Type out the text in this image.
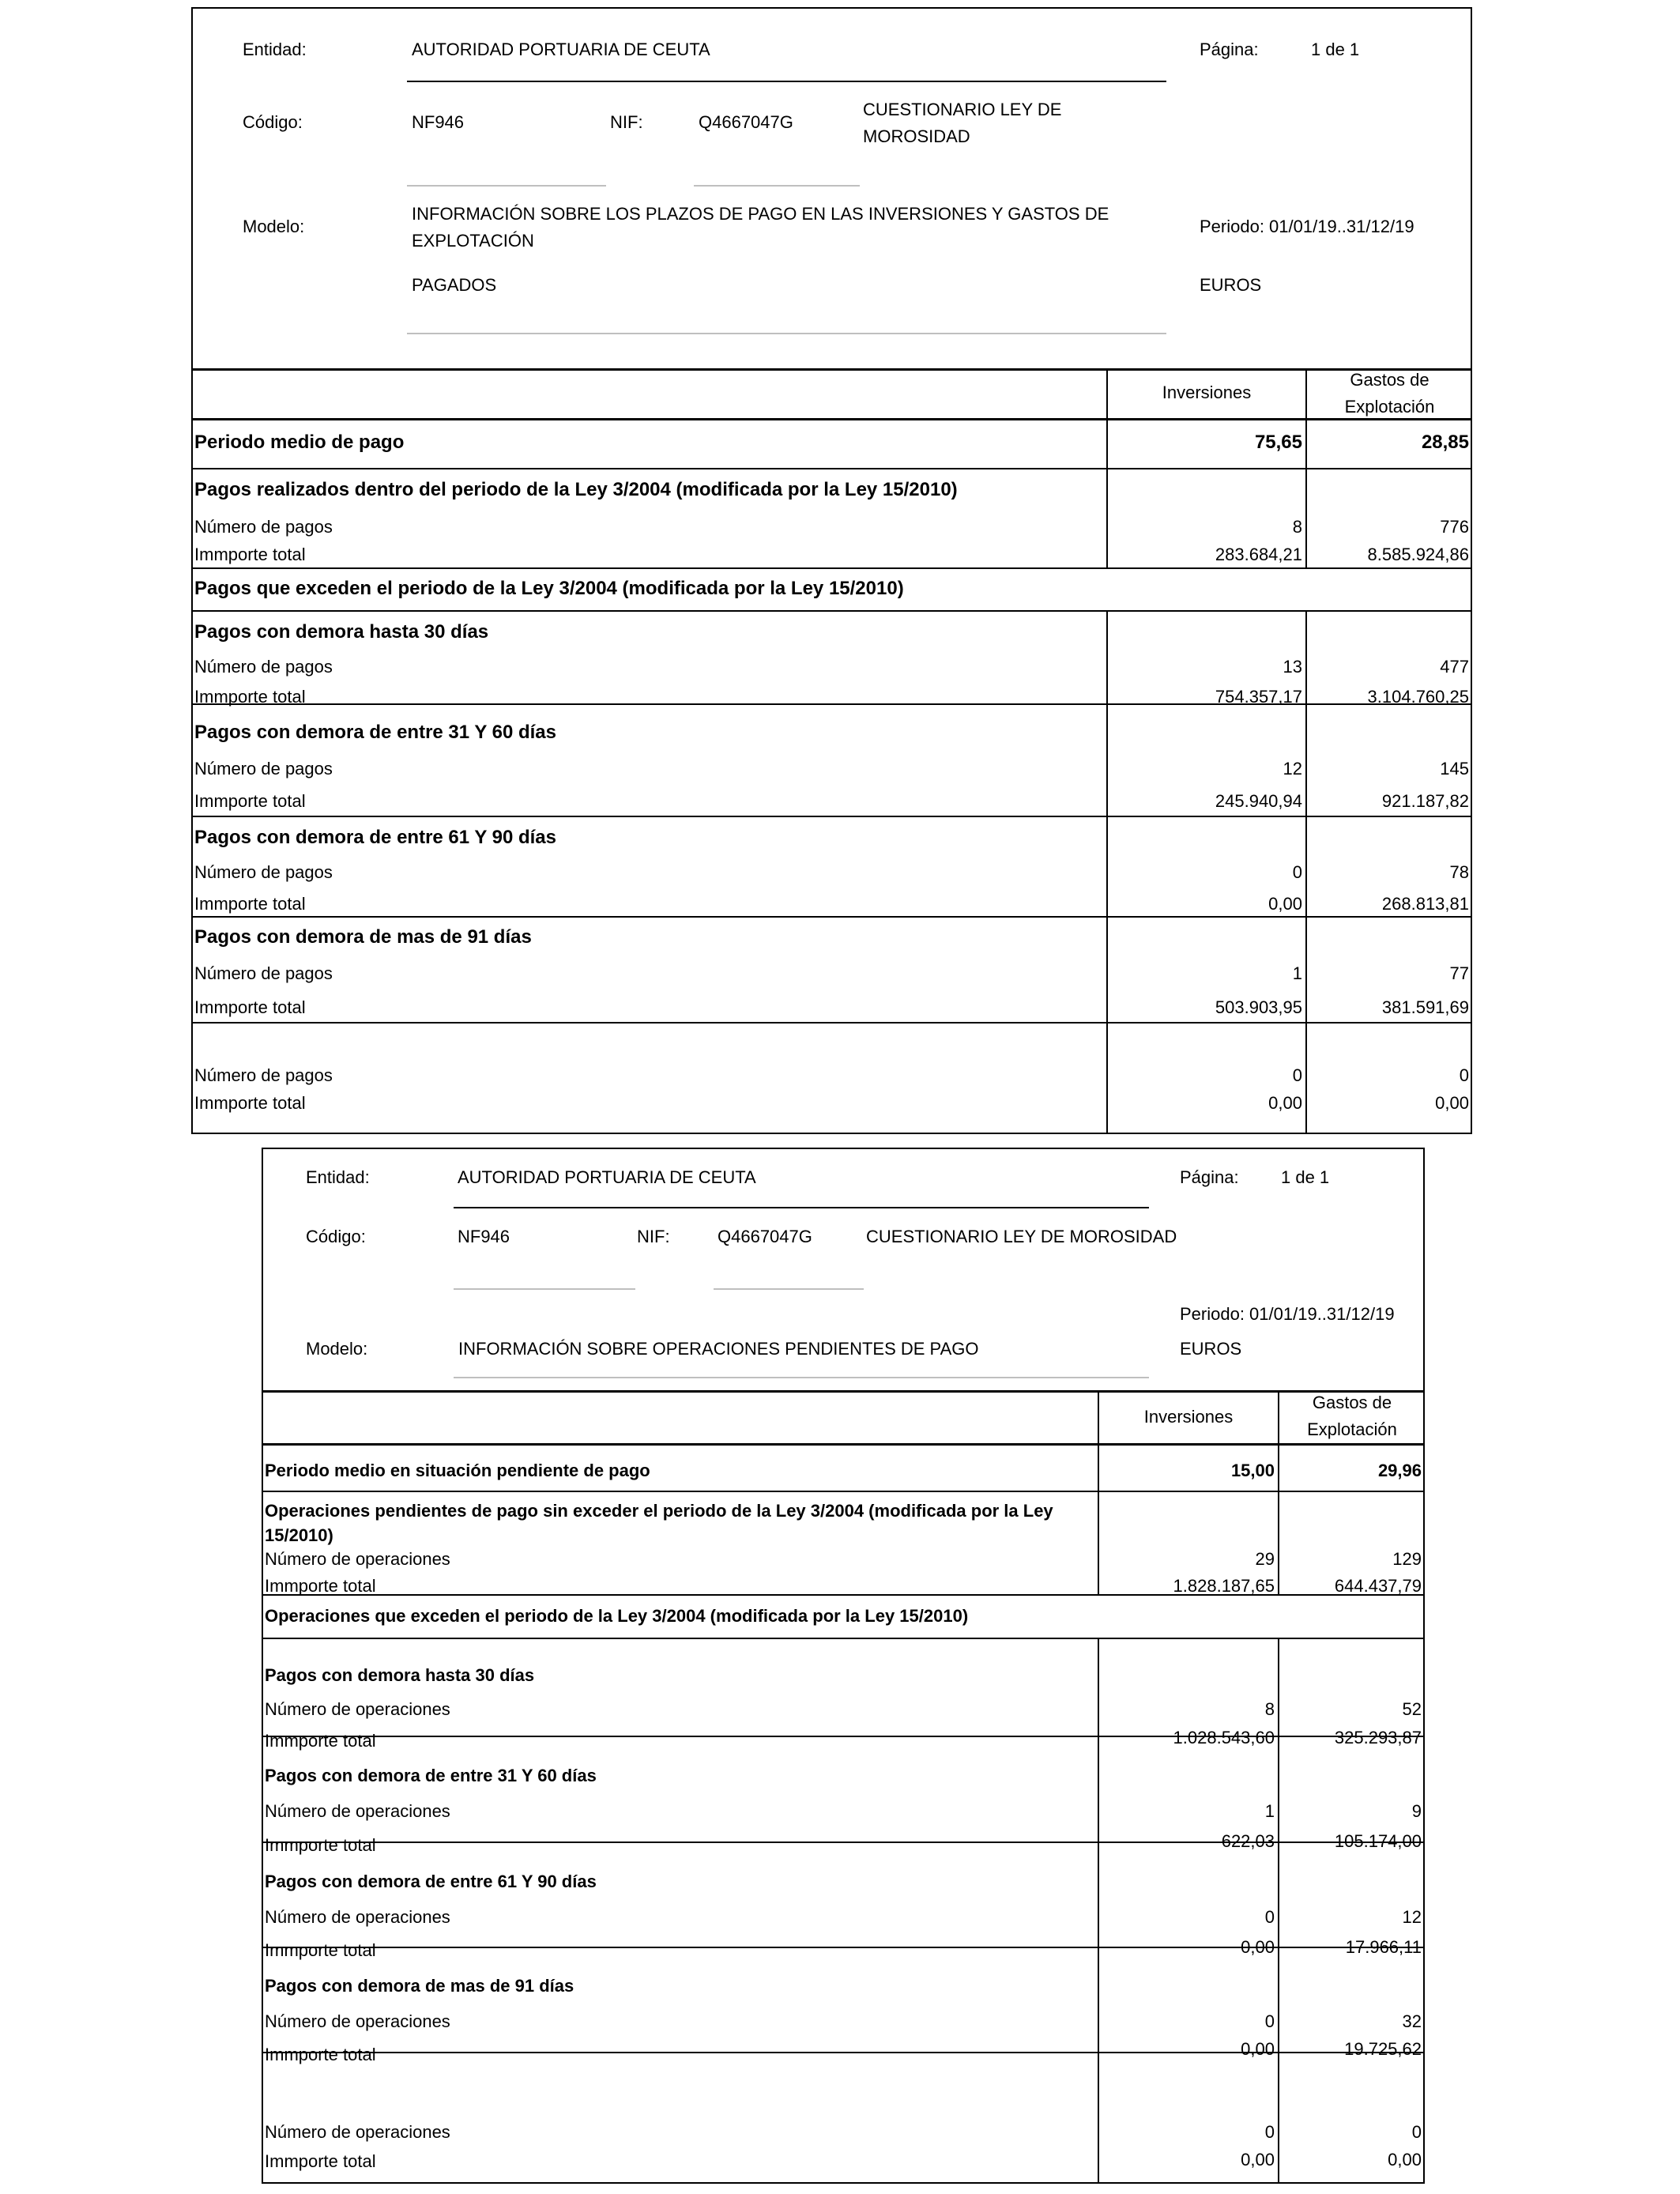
Entidad:	AUTORIDAD PORTUARIA DE CEUTA	Página:	1 de 1
Código:	NF946	NIF:	Q4667047G
CUESTIONARIO LEY DE MOROSIDAD
Modelo:
INFORMACIÓN SOBRE LOS PLAZOS DE PAGO EN LAS INVERSIONES Y GASTOS DE EXPLOTACIÓN
Periodo: 01/01/19..31/12/19
PAGADOS	EUROS
Inversiones
Gastos de Explotación
Periodo medio de pago	75,65	28,85
Pagos realizados dentro del periodo de la Ley 3/2004 (modificada por la Ley 15/2010)
Número de pagos	8	776
Immporte total	283.684,21	8.585.924,86
Pagos que exceden el periodo de la Ley 3/2004 (modificada por la Ley 15/2010)
Pagos con demora hasta 30 días
Número de pagos	13	477
Immporte total	754.357,17	3.104.760,25
Pagos con demora de entre 31 Y 60 días
Número de pagos	12	145
Immporte total	245.940,94	921.187,82
Pagos con demora de entre 61 Y 90 días
Número de pagos	0	78
Immporte total	0,00	268.813,81
Pagos con demora de mas de 91 días
Número de pagos	1	77
Immporte total	503.903,95	381.591,69
Número de pagos	0	0
Immporte total	0,00	0,00
Entidad:	AUTORIDAD PORTUARIA DE CEUTA	Página: 1 de 1
Código:	NF946	NIF:	Q4667047G	CUESTIONARIO LEY DE MOROSIDAD
Periodo: 01/01/19..31/12/19
Modelo:	INFORMACIÓN SOBRE OPERACIONES PENDIENTES DE PAGO	EUROS
Inversiones
Gastos de Explotación
Periodo medio en situación pendiente de pago	15,00	29,96
Operaciones pendientes de pago sin exceder el periodo de la Ley 3/2004 (modificada por la Ley 15/2010)
Número de operaciones	29	129
Immporte total	1.828.187,65	644.437,79
Operaciones que exceden el periodo de la Ley 3/2004 (modificada por la Ley 15/2010)
Pagos con demora hasta 30 días
Número de operaciones	8	52
Immporte total	1.028.543,60	325.293,87
Pagos con demora de entre 31 Y 60 días
Número de operaciones	1	9
Immporte total	622,03	105.174,00
Pagos con demora de entre 61 Y 90 días
Número de operaciones	0	12
Immporte total	0,00	17.966,11
Pagos con demora de mas de 91 días
Número de operaciones	0	32
Immporte total	0,00	19.725,62
Número de operaciones	0	0
Immporte total	0,00	0,00
